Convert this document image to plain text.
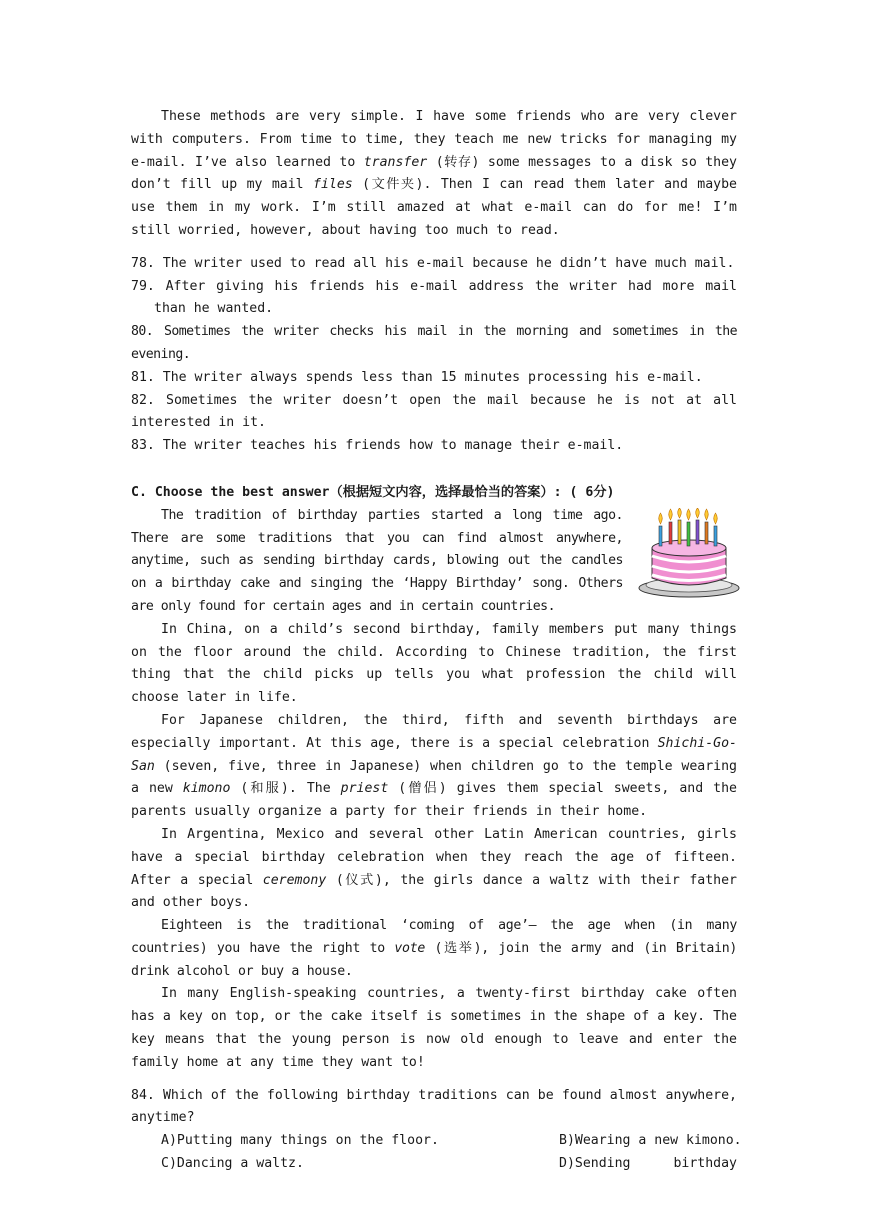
These methods are very simple. I have some friends who are very clever with computers. From time to time, they teach me new tricks for managing my e-mail. I’ve also learned to transfer (转存) some messages to a disk so they don’t fill up my mail files (文件夹). Then I can read them later and maybe use them in my work. I’m still amazed at what e-mail can do for me! I’m still worried, however, about having too much to read.

78. The writer used to read all his e-mail because he didn’t have much mail.

79. After giving his friends his e-mail address the writer had more mail than he wanted.

80. Sometimes the writer checks his mail in the morning and sometimes in the evening.

81. The writer always spends less than 15 minutes processing his e-mail.

82. Sometimes the writer doesn’t open the mail because he is not at all interested in it.

83. The writer teaches his friends how to manage their e-mail.

C. Choose the best answer（根据短文内容，选择最恰当的答案）: ( 6分)

The tradition of birthday parties started a long time ago. There are some traditions that you can find almost anywhere, anytime, such as sending birthday cards, blowing out the candles on a birthday cake and singing the ‘Happy Birthday’ song. Others are only found for certain ages and in certain countries.

In China, on a child’s second birthday, family members put many things on the floor around the child. According to Chinese tradition, the first thing that the child picks up tells you what profession the child will choose later in life.

For Japanese children, the third, fifth and seventh birthdays are especially important. At this age, there is a special celebration Shichi-Go-San (seven, five, three in Japanese) when children go to the temple wearing a new kimono (和服). The priest (僧侣) gives them special sweets, and the parents usually organize a party for their friends in their home.

In Argentina, Mexico and several other Latin American countries, girls have a special birthday celebration when they reach the age of fifteen. After a special ceremony (仪式), the girls dance a waltz with their father and other boys.

Eighteen is the traditional ‘coming of age’— the age when (in many countries) you have the right to vote (选举), join the army and (in Britain) drink alcohol or buy a house.

In many English-speaking countries, a twenty-first birthday cake often has a key on top, or the cake itself is sometimes in the shape of a key. The key means that the young person is now old enough to leave and enter the family home at any time they want to!

84. Which of the following birthday traditions can be found almost anywhere, anytime?

A)Putting many things on the floor.	B)Wearing a new kimono.
C)Dancing a waltz.	D)Sending	birthday
